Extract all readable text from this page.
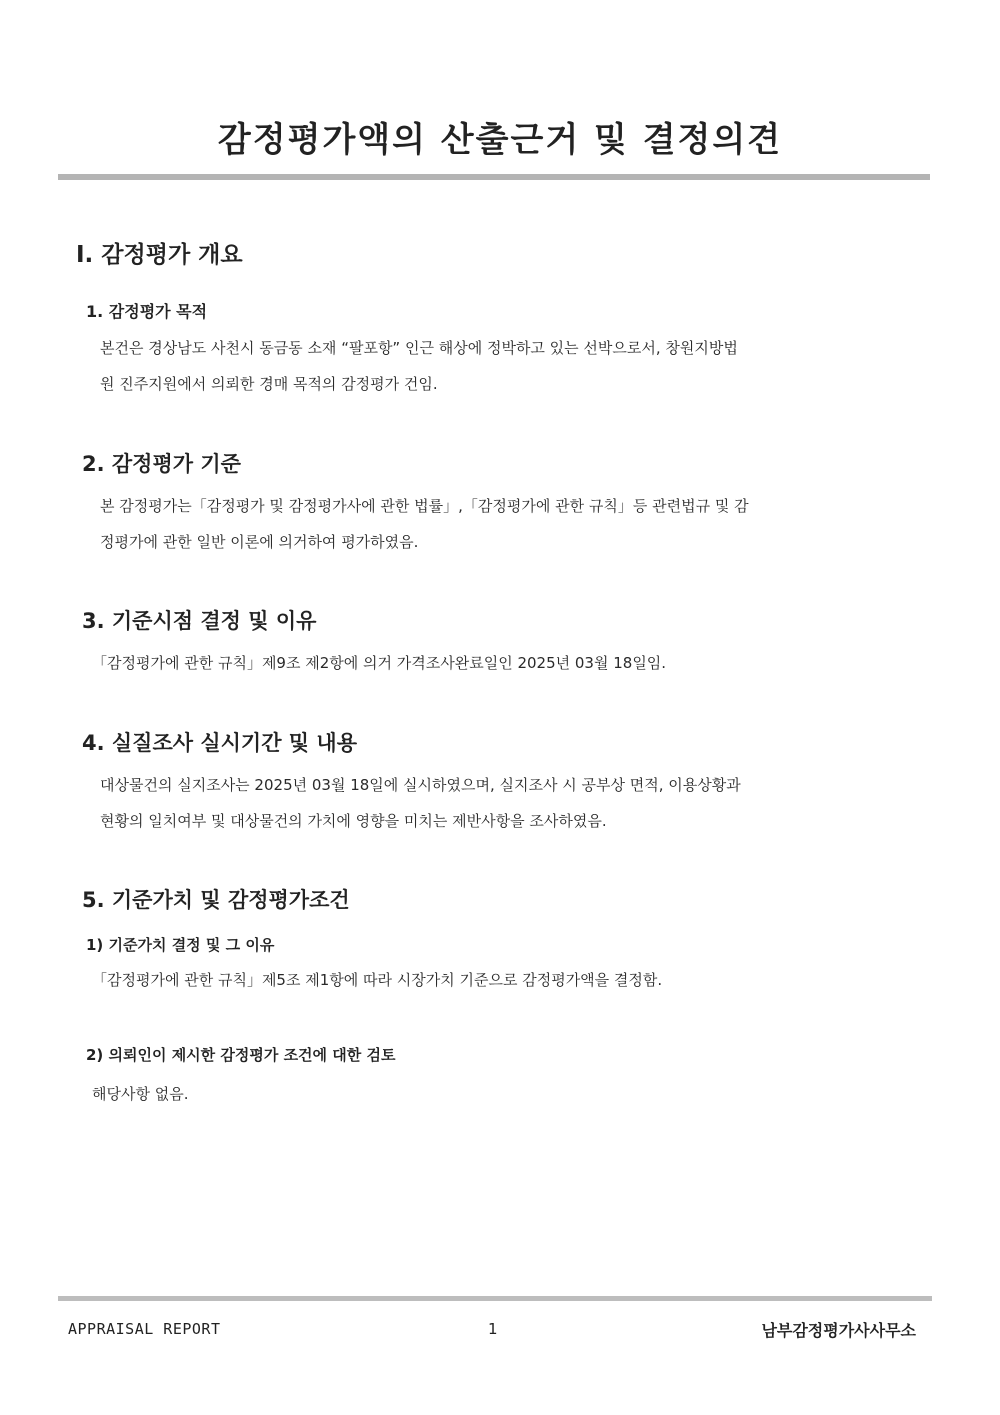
감정평가액의 산출근거 및 결정의견
I. 감정평가 개요
1. 감정평가 목적
본건은 경상남도 사천시 동금동 소재 “팔포항” 인근 해상에 정박하고 있는 선박으로서, 창원지방법
원 진주지원에서 의뢰한 경매 목적의 감정평가 건임.
2. 감정평가 기준
본 감정평가는「감정평가 및 감정평가사에 관한 법률」,「감정평가에 관한 규칙」등 관련법규 및 감
정평가에 관한 일반 이론에 의거하여 평가하였음.
3. 기준시점 결정 및 이유
「감정평가에 관한 규칙」제9조 제2항에 의거 가격조사완료일인 2025년 03월 18일임.
4. 실질조사 실시기간 및 내용
대상물건의 실지조사는 2025년 03월 18일에 실시하였으며, 실지조사 시 공부상 면적, 이용상황과
현황의 일치여부 및 대상물건의 가치에 영향을 미치는 제반사항을 조사하였음.
5. 기준가치 및 감정평가조건
1) 기준가치 결정 및 그 이유
「감정평가에 관한 규칙」제5조 제1항에 따라 시장가치 기준으로 감정평가액을 결정함.
2) 의뢰인이 제시한 감정평가 조건에 대한 검토
해당사항 없음.
APPRAISAL REPORT	1	남부감정평가사사무소
